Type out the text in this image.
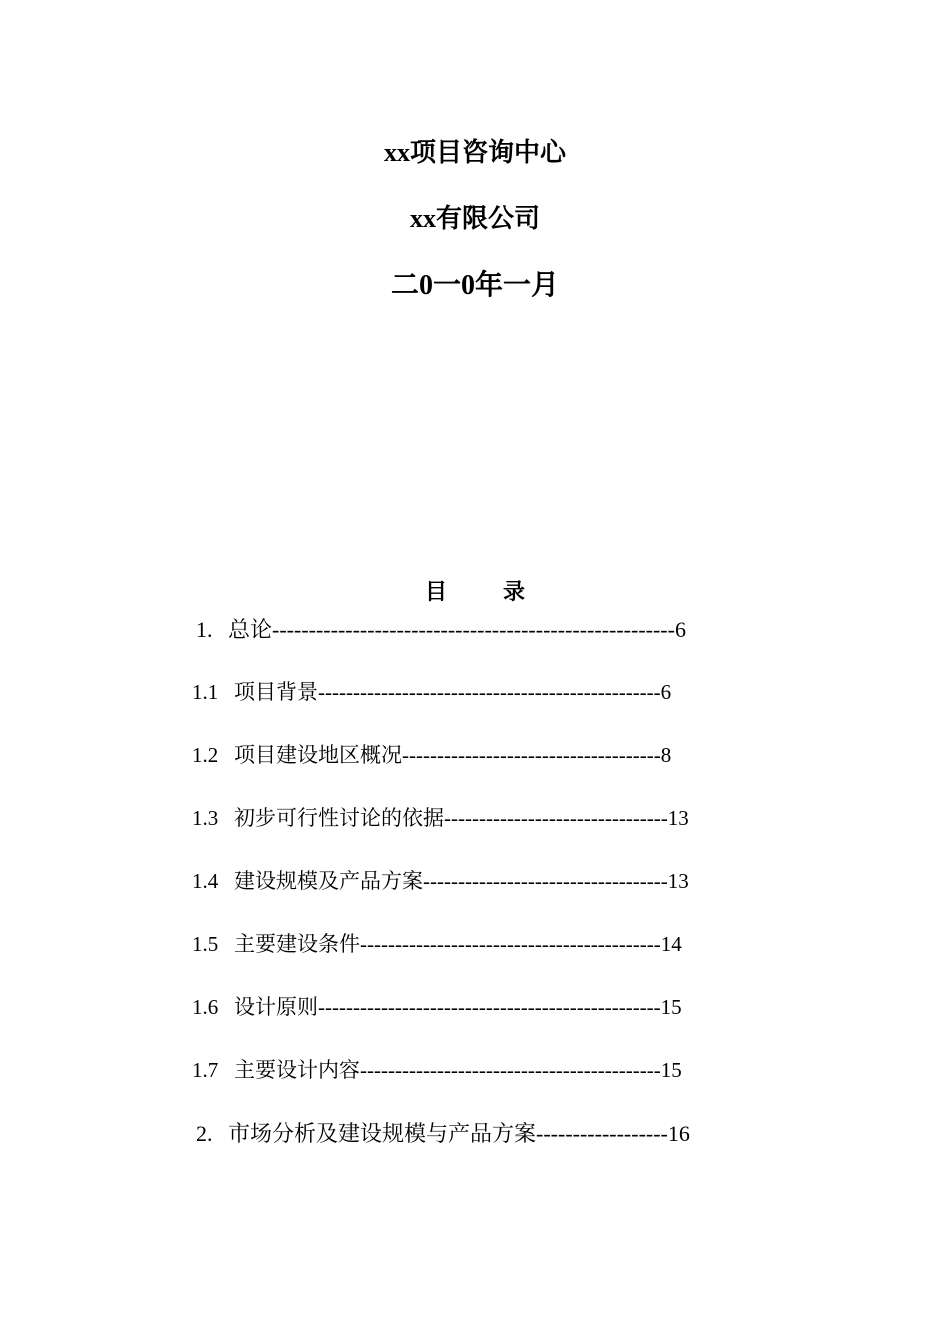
xx项目咨询中心
xx有限公司
二0一0年一月
目	录
1. 总论-------------------------------------------------------6
1.1 项目背景-------------------------------------------------6
1.2 项目建设地区概况-------------------------------------8
1.3 初步可行性讨论的依据--------------------------------13
1.4 建设规模及产品方案-----------------------------------13
1.5 主要建设条件-------------------------------------------14
1.6 设计原则-------------------------------------------------15
1.7 主要设计内容-------------------------------------------15
2. 市场分析及建设规模与产品方案------------------16
